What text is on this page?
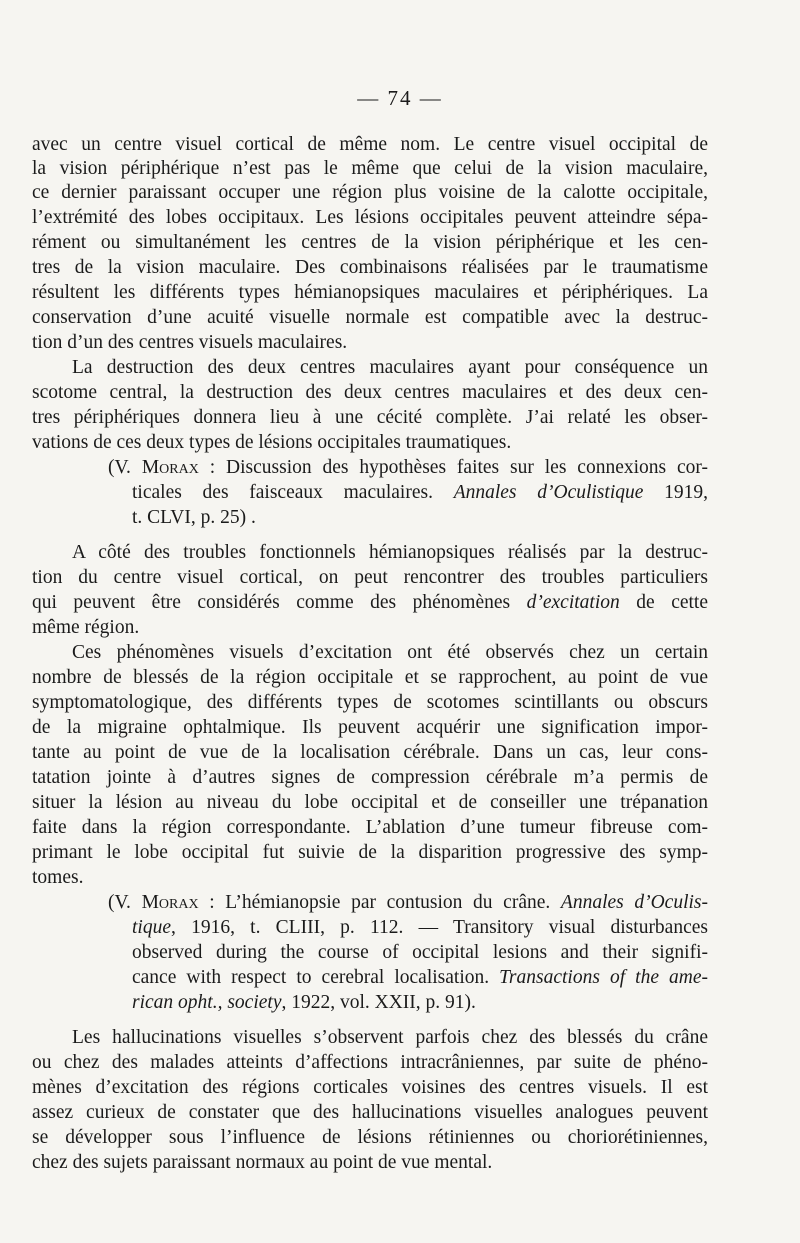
— 74 —
avec un centre visuel cortical de même nom. Le centre visuel occipital de
la vision périphérique n’est pas le même que celui de la vision maculaire,
ce dernier paraissant occuper une région plus voisine de la calotte occipitale,
l’extrémité des lobes occipitaux. Les lésions occipitales peuvent atteindre sépa-
rément ou simultanément les centres de la vision périphérique et les cen-
tres de la vision maculaire. Des combinaisons réalisées par le traumatisme
résultent les différents types hémianopsiques maculaires et périphériques. La
conservation d’une acuité visuelle normale est compatible avec la destruc-
tion d’un des centres visuels maculaires.
La destruction des deux centres maculaires ayant pour conséquence un
scotome central, la destruction des deux centres maculaires et des deux cen-
tres périphériques donnera lieu à une cécité complète. J’ai relaté les obser-
vations de ces deux types de lésions occipitales traumatiques.
(V. Morax : Discussion des hypothèses faites sur les connexions cor-
ticales des faisceaux maculaires. Annales d’Oculistique 1919,
t. CLVI, p. 25) .
A côté des troubles fonctionnels hémianopsiques réalisés par la destruc-
tion du centre visuel cortical, on peut rencontrer des troubles particuliers
qui peuvent être considérés comme des phénomènes d’excitation de cette
même région.
Ces phénomènes visuels d’excitation ont été observés chez un certain
nombre de blessés de la région occipitale et se rapprochent, au point de vue
symptomatologique, des différents types de scotomes scintillants ou obscurs
de la migraine ophtalmique. Ils peuvent acquérir une signification impor-
tante au point de vue de la localisation cérébrale. Dans un cas, leur cons-
tatation jointe à d’autres signes de compression cérébrale m’a permis de
situer la lésion au niveau du lobe occipital et de conseiller une trépanation
faite dans la région correspondante. L’ablation d’une tumeur fibreuse com-
primant le lobe occipital fut suivie de la disparition progressive des symp-
tomes.
(V. Morax : L’hémianopsie par contusion du crâne. Annales d’Oculis-
tique, 1916, t. CLIII, p. 112. — Transitory visual disturbances
observed during the course of occipital lesions and their signifi-
cance with respect to cerebral localisation. Transactions of the ame-
rican opht., society, 1922, vol. XXII, p. 91).
Les hallucinations visuelles s’observent parfois chez des blessés du crâne
ou chez des malades atteints d’affections intracrâniennes, par suite de phéno-
mènes d’excitation des régions corticales voisines des centres visuels. Il est
assez curieux de constater que des hallucinations visuelles analogues peuvent
se développer sous l’influence de lésions rétiniennes ou choriorétiniennes,
chez des sujets paraissant normaux au point de vue mental.
